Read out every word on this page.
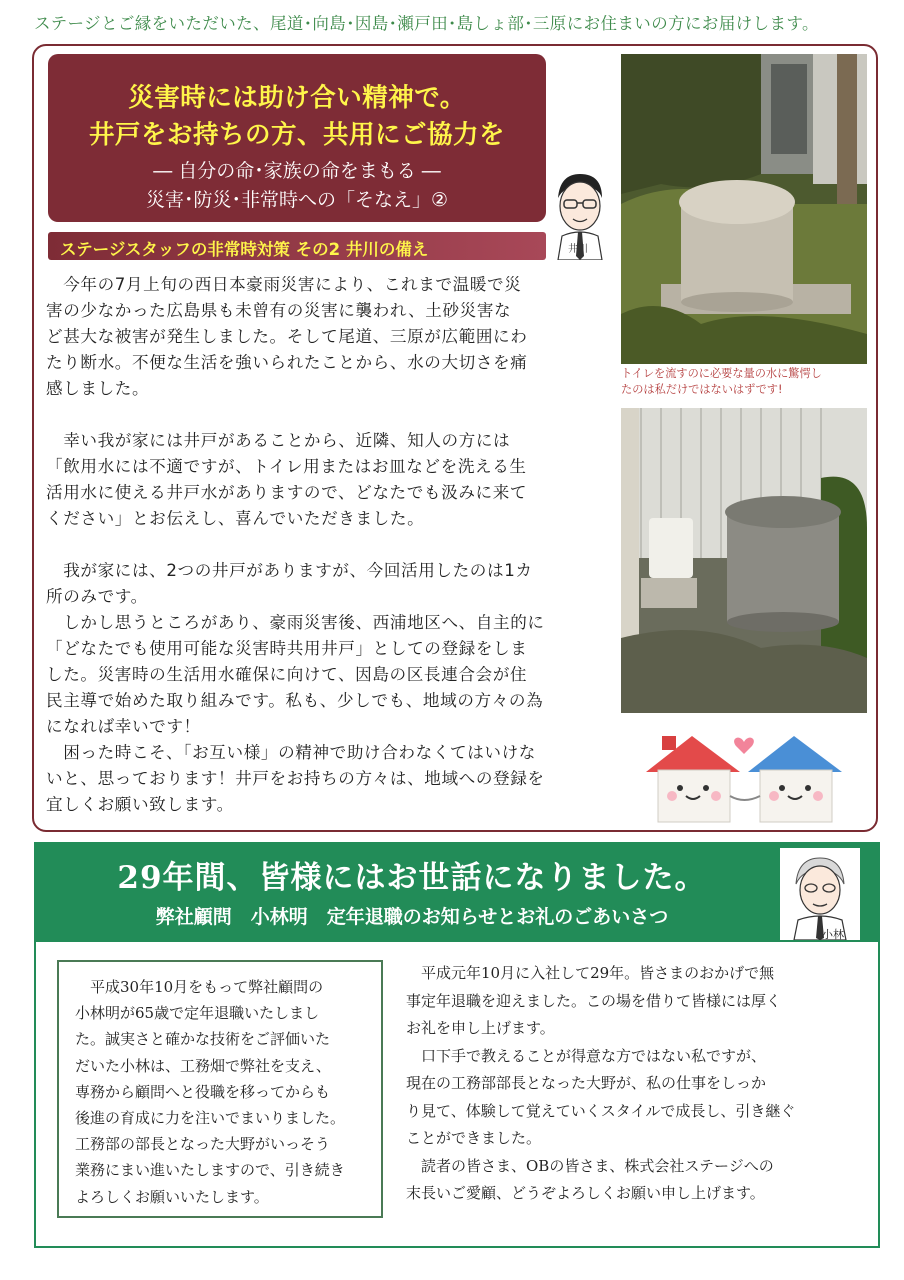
ステージとご縁をいただいた、尾道･向島･因島･瀬戸田･島しょ部･三原にお住まいの方にお届けします。
災害時には助け合い精神で。
井戸をお持ちの方、共用にご協力を
― 自分の命･家族の命をまもる ―
災害･防災･非常時への「そなえ」②
ステージスタッフの非常時対策 その2 井川の備え	井川

　今年の7月上旬の西日本豪雨災害により、これまで温暖で災

害の少なかった広島県も未曾有の災害に襲われ、土砂災害な

ど甚大な被害が発生しました。そして尾道、三原が広範囲にわ

たり断水。不便な生活を強いられたことから、水の大切さを痛

感しました。

　幸い我が家には井戸があることから、近隣、知人の方には

「飲用水には不適ですが、トイレ用またはお皿などを洗える生

活用水に使える井戸水がありますので、どなたでも汲みに来て

ください」とお伝えし、喜んでいただきました。

　我が家には、2つの井戸がありますが、今回活用したのは1カ

所のみです。

　しかし思うところがあり、豪雨災害後、西浦地区へ、自主的に

「どなたでも使用可能な災害時共用井戸」としての登録をしま

した。災害時の生活用水確保に向けて、因島の区長連合会が住

民主導で始めた取り組みです。私も、少しでも、地域の方々の為

になれば幸いです！

　困った時こそ、「お互い様」の精神で助け合わなくてはいけな

いと、思っております！井戸をお持ちの方々は、地域への登録を

宜しくお願い致します。

トイレを流すのに必要な量の水に驚愕し
たのは私だけではないはずです!
29年間、皆様にはお世話になりました。
弊社顧問　小林明　定年退職のお知らせとお礼のごあいさつ
小林

　平成30年10月をもって弊社顧問の

小林明が65歳で定年退職いたしまし

た。誠実さと確かな技術をご評価いた

だいた小林は、工務畑で弊社を支え、

専務から顧問へと役職を移ってからも

後進の育成に力を注いでまいりました。

工務部の部長となった大野がいっそう

業務にまい進いたしますので、引き続き

よろしくお願いいたします。

　平成元年10月に入社して29年。皆さまのおかげで無

事定年退職を迎えました。この場を借りて皆様には厚く

お礼を申し上げます。

　口下手で教えることが得意な方ではない私ですが、

現在の工務部部長となった大野が、私の仕事をしっか

り見て、体験して覚えていくスタイルで成長し、引き継ぐ

ことができました。

　読者の皆さま、OBの皆さま、株式会社ステージへの

末長いご愛顧、どうぞよろしくお願い申し上げます。
